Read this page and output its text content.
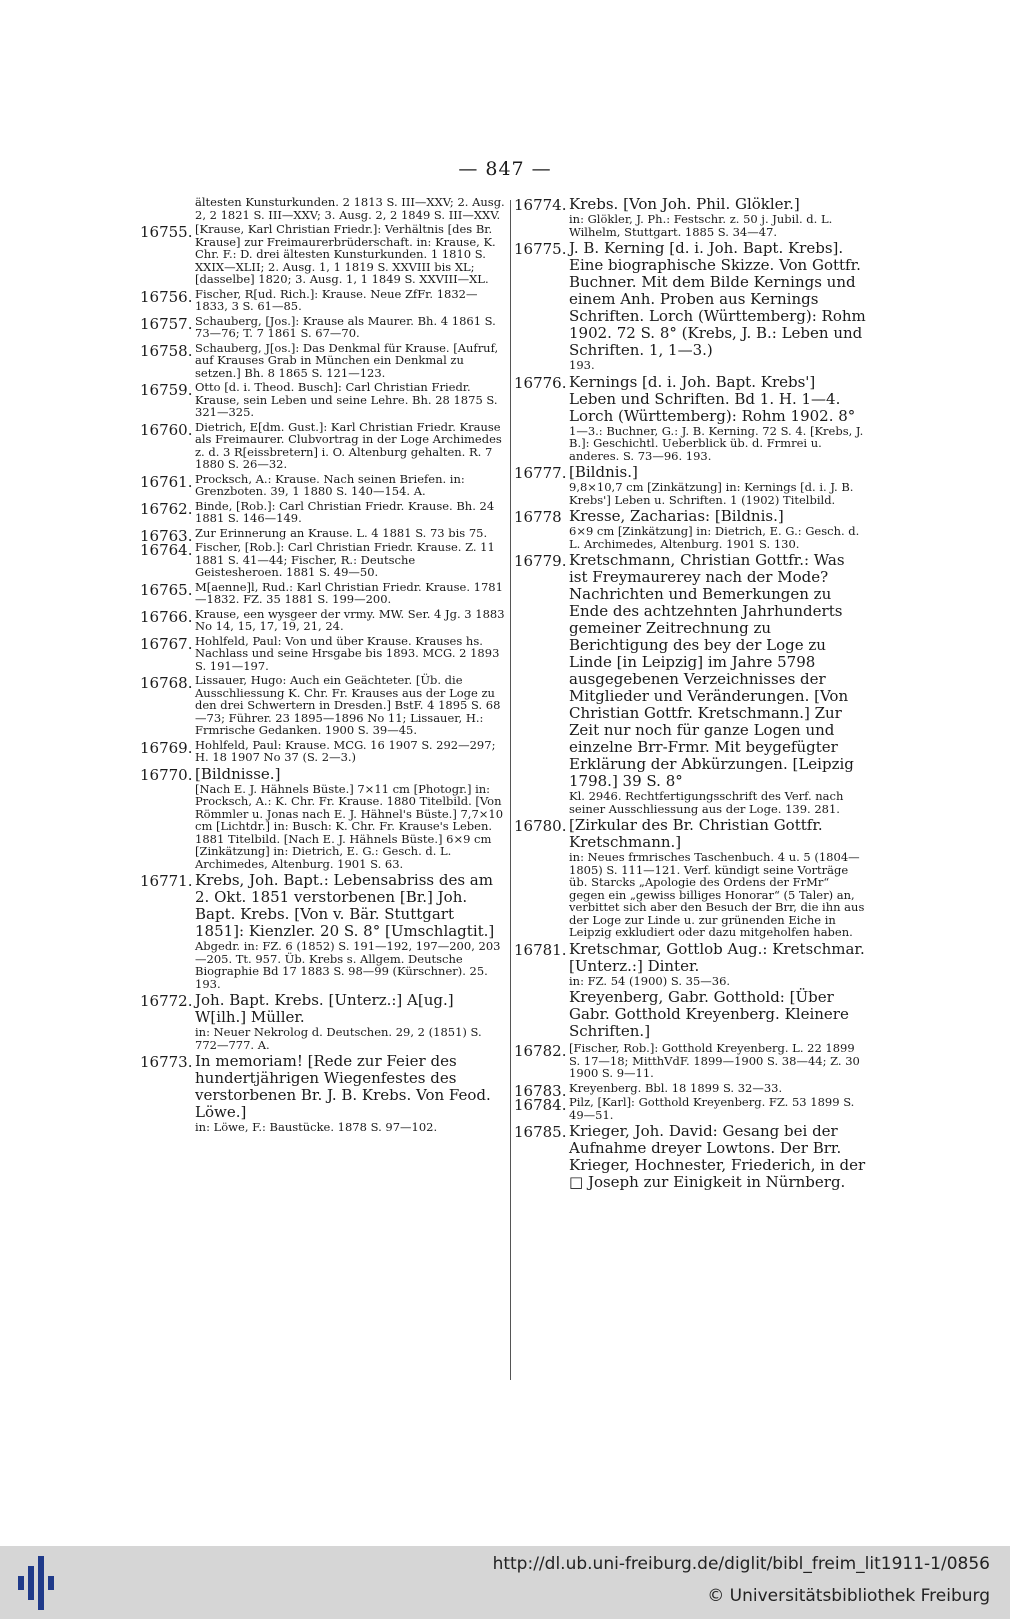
— 847 —
ältesten Kunsturkunden. 2 1813 S. III—XXV; 2. Ausg. 2, 2 1821 S. III—XXV; 3. Ausg. 2, 2 1849 S. III—XXV.
16755. [Krause, Karl Christian Friedr.]: Verhältnis [des Br. Krause] zur Freimaurerbrüderschaft. in: Krause, K. Chr. F.: D. drei ältesten Kunsturkunden. 1 1810 S. XXIX—XLII; 2. Ausg. 1, 1 1819 S. XXVIII bis XL; [dasselbe] 1820; 3. Ausg. 1, 1 1849 S. XXVIII—XL.
16756. Fischer, R[ud. Rich.]: Krause. Neue ZfFr. 1832—1833, 3 S. 61—85.
16757. Schauberg, [Jos.]: Krause als Maurer. Bh. 4 1861 S. 73—76; T. 7 1861 S. 67—70.
16758. Schauberg, J[os.]: Das Denkmal für Krause. [Aufruf, auf Krauses Grab in München ein Denkmal zu setzen.] Bh. 8 1865 S. 121—123.
16759. Otto [d. i. Theod. Busch]: Carl Christian Friedr. Krause, sein Leben und seine Lehre. Bh. 28 1875 S. 321—325.
16760. Dietrich, E[dm. Gust.]: Karl Christian Friedr. Krause als Freimaurer. Clubvortrag in der Loge Archimedes z. d. 3 R[eissbretern] i. O. Altenburg gehalten. R. 7 1880 S. 26—32.
16761. Procksch, A.: Krause. Nach seinen Briefen. in: Grenzboten. 39, 1 1880 S. 140—154. A.
16762. Binde, [Rob.]: Carl Christian Friedr. Krause. Bh. 24 1881 S. 146—149.
16763. Zur Erinnerung an Krause. L. 4 1881 S. 73 bis 75.
16764. Fischer, [Rob.]: Carl Christian Friedr. Krause. Z. 11 1881 S. 41—44; Fischer, R.: Deutsche Geistesheroen. 1881 S. 49—50.
16765. M[aenne]l, Rud.: Karl Christian Friedr. Krause. 1781—1832. FZ. 35 1881 S. 199—200.
16766. Krause, een wysgeer der vrmy. MW. Ser. 4 Jg. 3 1883 No 14, 15, 17, 19, 21, 24.
16767. Hohlfeld, Paul: Von und über Krause. Krauses hs. Nachlass und seine Hrsgabe bis 1893. MCG. 2 1893 S. 191—197.
16768. Lissauer, Hugo: Auch ein Geächteter. [Üb. die Ausschliessung K. Chr. Fr. Krauses aus der Loge zu den drei Schwertern in Dresden.] BstF. 4 1895 S. 68—73; Führer. 23 1895—1896 No 11; Lissauer, H.: Frmrische Gedanken. 1900 S. 39—45.
16769. Hohlfeld, Paul: Krause. MCG. 16 1907 S. 292—297; H. 18 1907 No 37 (S. 2—3.)
16770. [Bildnisse.]
[Nach E. J. Hähnels Büste.] 7×11 cm [Photogr.] in: Procksch, A.: K. Chr. Fr. Krause. 1880 Titelbild. [Von Römmler u. Jonas nach E. J. Hähnel's Büste.] 7,7×10 cm [Lichtdr.] in: Busch: K. Chr. Fr. Krause's Leben. 1881 Titelbild. [Nach E. J. Hähnels Büste.] 6×9 cm [Zinkätzung] in: Dietrich, E. G.: Gesch. d. L. Archimedes, Altenburg. 1901 S. 63.
16771. Krebs, Joh. Bapt.: Lebensabriss des am 2. Okt. 1851 verstorbenen [Br.] Joh. Bapt. Krebs. [Von v. Bär. Stuttgart 1851]: Kienzler. 20 S. 8° [Umschlagtit.]
Abgedr. in: FZ. 6 (1852) S. 191—192, 197—200, 203—205. Tt. 957. Üb. Krebs s. Allgem. Deutsche Biographie Bd 17 1883 S. 98—99 (Kürschner). 25. 193.
16772. Joh. Bapt. Krebs. [Unterz.:] A[ug.] W[ilh.] Müller.
in: Neuer Nekrolog d. Deutschen. 29, 2 (1851) S. 772—777. A.
16773. In memoriam! [Rede zur Feier des hundertjährigen Wiegenfestes des verstorbenen Br. J. B. Krebs. Von Feod. Löwe.]
in: Löwe, F.: Baustücke. 1878 S. 97—102.
16774. Krebs. [Von Joh. Phil. Glökler.]
in: Glökler, J. Ph.: Festschr. z. 50 j. Jubil. d. L. Wilhelm, Stuttgart. 1885 S. 34—47.
16775. J. B. Kerning [d. i. Joh. Bapt. Krebs]. Eine biographische Skizze. Von Gottfr. Buchner. Mit dem Bilde Kernings und einem Anh. Proben aus Kernings Schriften. Lorch (Württemberg): Rohm 1902. 72 S. 8° (Krebs, J. B.: Leben und Schriften. 1, 1—3.)
193.
16776. Kernings [d. i. Joh. Bapt. Krebs'] Leben und Schriften. Bd 1. H. 1—4. Lorch (Württemberg): Rohm 1902. 8°
1—3.: Buchner, G.: J. B. Kerning. 72 S. 4. [Krebs, J. B.]: Geschichtl. Ueberblick üb. d. Frmrei u. anderes. S. 73—96. 193.
16777. [Bildnis.]
9,8×10,7 cm [Zinkätzung] in: Kernings [d. i. J. B. Krebs'] Leben u. Schriften. 1 (1902) Titelbild.
16778 Kresse, Zacharias: [Bildnis.]
6×9 cm [Zinkätzung] in: Dietrich, E. G.: Gesch. d. L. Archimedes, Altenburg. 1901 S. 130.
16779. Kretschmann, Christian Gottfr.: Was ist Freymaurerey nach der Mode? Nachrichten und Bemerkungen zu Ende des achtzehnten Jahrhunderts gemeiner Zeitrechnung zu Berichtigung des bey der Loge zu Linde [in Leipzig] im Jahre 5798 ausgegebenen Verzeichnisses der Mitglieder und Veränderungen. [Von Christian Gottfr. Kretschmann.] Zur Zeit nur noch für ganze Logen und einzelne Brr-Frmr. Mit beygefügter Erklärung der Abkürzungen. [Leipzig 1798.] 39 S. 8°
Kl. 2946. Rechtfertigungsschrift des Verf. nach seiner Ausschliessung aus der Loge. 139. 281.
16780. [Zirkular des Br. Christian Gottfr. Kretschmann.]
in: Neues frmrisches Taschenbuch. 4 u. 5 (1804—1805) S. 111—121. Verf. kündigt seine Vorträge üb. Starcks „Apologie des Ordens der FrMr“ gegen ein „gewiss billiges Honorar“ (5 Taler) an, verbittet sich aber den Besuch der Brr, die ihn aus der Loge zur Linde u. zur grünenden Eiche in Leipzig exkludiert oder dazu mitgeholfen haben.
16781. Kretschmar, Gottlob Aug.: Kretschmar. [Unterz.:] Dinter.
in: FZ. 54 (1900) S. 35—36.
Kreyenberg, Gabr. Gotthold: [Über Gabr. Gotthold Kreyenberg. Kleinere Schriften.]
16782. [Fischer, Rob.]: Gotthold Kreyenberg. L. 22 1899 S. 17—18; MitthVdF. 1899—1900 S. 38—44; Z. 30 1900 S. 9—11.
16783. Kreyenberg. Bbl. 18 1899 S. 32—33.
16784. Pilz, [Karl]: Gotthold Kreyenberg. FZ. 53 1899 S. 49—51.
16785. Krieger, Joh. David: Gesang bei der Aufnahme dreyer Lowtons. Der Brr. Krieger, Hochnester, Friederich, in der □ Joseph zur Einigkeit in Nürnberg.
http://dl.ub.uni-freiburg.de/diglit/bibl_freim_lit1911-1/0856
© Universitätsbibliothek Freiburg
